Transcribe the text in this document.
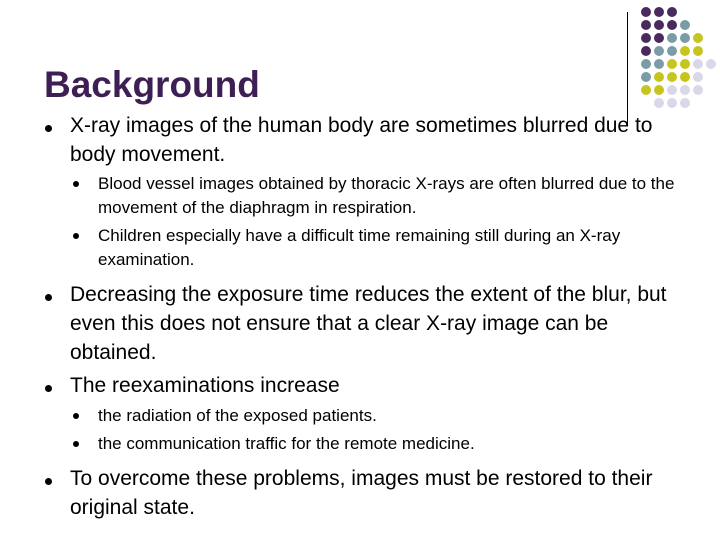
Background
X-ray images of the human body are sometimes blurred due to body movement.
Blood vessel images obtained by thoracic X-rays are often blurred due to the movement of the diaphragm in respiration.
Children especially have a difficult time remaining still during an X-ray examination.
Decreasing the exposure time reduces the extent of the blur, but even this does not ensure that a clear X-ray image can be obtained.
The reexaminations increase
the radiation of the exposed patients.
the communication traffic for the remote medicine.
To overcome these problems, images must be restored to their original state.
